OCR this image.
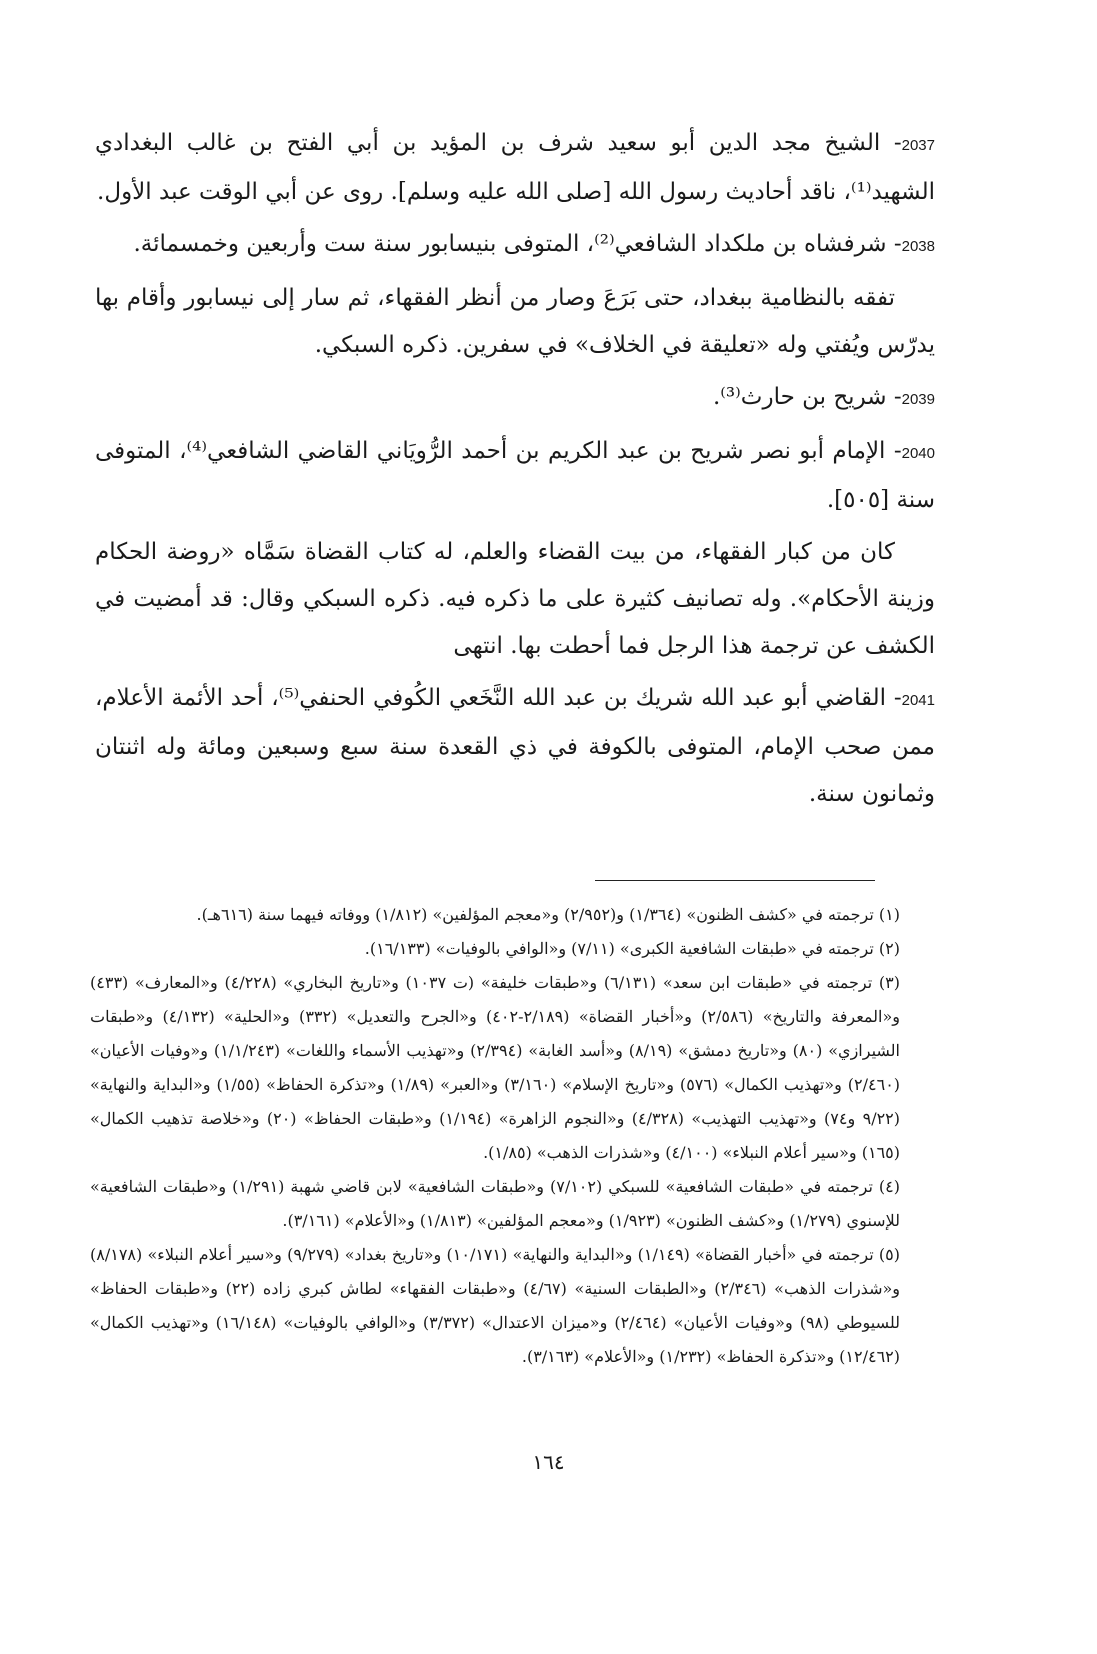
2037- الشيخ مجد الدين أبو سعيد شرف بن المؤيد بن أبي الفتح بن غالب البغدادي الشهيد⁽¹⁾، ناقد أحاديث رسول الله [صلى الله عليه وسلم]. روى عن أبي الوقت عبد الأول.

2038- شرفشاه بن ملكداد الشافعي⁽²⁾، المتوفى بنيسابور سنة ست وأربعين وخمسمائة.

تفقه بالنظامية ببغداد، حتى بَرَعَ وصار من أنظر الفقهاء، ثم سار إلى نيسابور وأقام بها يدرّس ويُفتي وله «تعليقة في الخلاف» في سفرين. ذكره السبكي.

2039- شريح بن حارث⁽³⁾.

2040- الإمام أبو نصر شريح بن عبد الكريم بن أحمد الرُّويَاني القاضي الشافعي⁽⁴⁾، المتوفى سنة [٥٠٥].

كان من كبار الفقهاء، من بيت القضاء والعلم، له كتاب القضاة سَمَّاه «روضة الحكام وزينة الأحكام». وله تصانيف كثيرة على ما ذكره فيه. ذكره السبكي وقال: قد أمضيت في الكشف عن ترجمة هذا الرجل فما أحطت بها. انتهى

2041- القاضي أبو عبد الله شريك بن عبد الله النَّخَعي الكُوفي الحنفي⁽⁵⁾، أحد الأئمة الأعلام، ممن صحب الإمام، المتوفى بالكوفة في ذي القعدة سنة سبع وسبعين ومائة وله اثنتان وثمانون سنة.

(١) ترجمته في «كشف الظنون» (١/٣٦٤) و(٢/٩٥٢) و«معجم المؤلفين» (١/٨١٢) ووفاته فيهما سنة (٦١٦هـ).

(٢) ترجمته في «طبقات الشافعية الكبرى» (٧/١١) و«الوافي بالوفيات» (١٦/١٣٣).

(٣) ترجمته في «طبقات ابن سعد» (٦/١٣١) و«طبقات خليفة» (ت ١٠٣٧) و«تاريخ البخاري» (٤/٢٢٨) و«المعارف» (٤٣٣) و«المعرفة والتاريخ» (٢/٥٨٦) و«أخبار القضاة» (٢/١٨٩-٤٠٢) و«الجرح والتعديل» (٣٣٢) و«الحلية» (٤/١٣٢) و«طبقات الشيرازي» (٨٠) و«تاريخ دمشق» (٨/١٩) و«أسد الغابة» (٢/٣٩٤) و«تهذيب الأسماء واللغات» (١/١/٢٤٣) و«وفيات الأعيان» (٢/٤٦٠) و«تهذيب الكمال» (٥٧٦) و«تاريخ الإسلام» (٣/١٦٠) و«العبر» (١/٨٩) و«تذكرة الحفاظ» (١/٥٥) و«البداية والنهاية» (٩/٢٢ و٧٤) و«تهذيب التهذيب» (٤/٣٢٨) و«النجوم الزاهرة» (١/١٩٤) و«طبقات الحفاظ» (٢٠) و«خلاصة تذهيب الكمال» (١٦٥) و«سير أعلام النبلاء» (٤/١٠٠) و«شذرات الذهب» (١/٨٥).

(٤) ترجمته في «طبقات الشافعية» للسبكي (٧/١٠٢) و«طبقات الشافعية» لابن قاضي شهبة (١/٢٩١) و«طبقات الشافعية» للإسنوي (١/٢٧٩) و«كشف الظنون» (١/٩٢٣) و«معجم المؤلفين» (١/٨١٣) و«الأعلام» (٣/١٦١).

(٥) ترجمته في «أخبار القضاة» (١/١٤٩) و«البداية والنهاية» (١٠/١٧١) و«تاريخ بغداد» (٩/٢٧٩) و«سير أعلام النبلاء» (٨/١٧٨) و«شذرات الذهب» (٢/٣٤٦) و«الطبقات السنية» (٤/٦٧) و«طبقات الفقهاء» لطاش كبري زاده (٢٢) و«طبقات الحفاظ» للسيوطي (٩٨) و«وفيات الأعيان» (٢/٤٦٤) و«ميزان الاعتدال» (٣/٣٧٢) و«الوافي بالوفيات» (١٦/١٤٨) و«تهذيب الكمال» (١٢/٤٦٢) و«تذكرة الحفاظ» (١/٢٣٢) و«الأعلام» (٣/١٦٣).

١٦٤
